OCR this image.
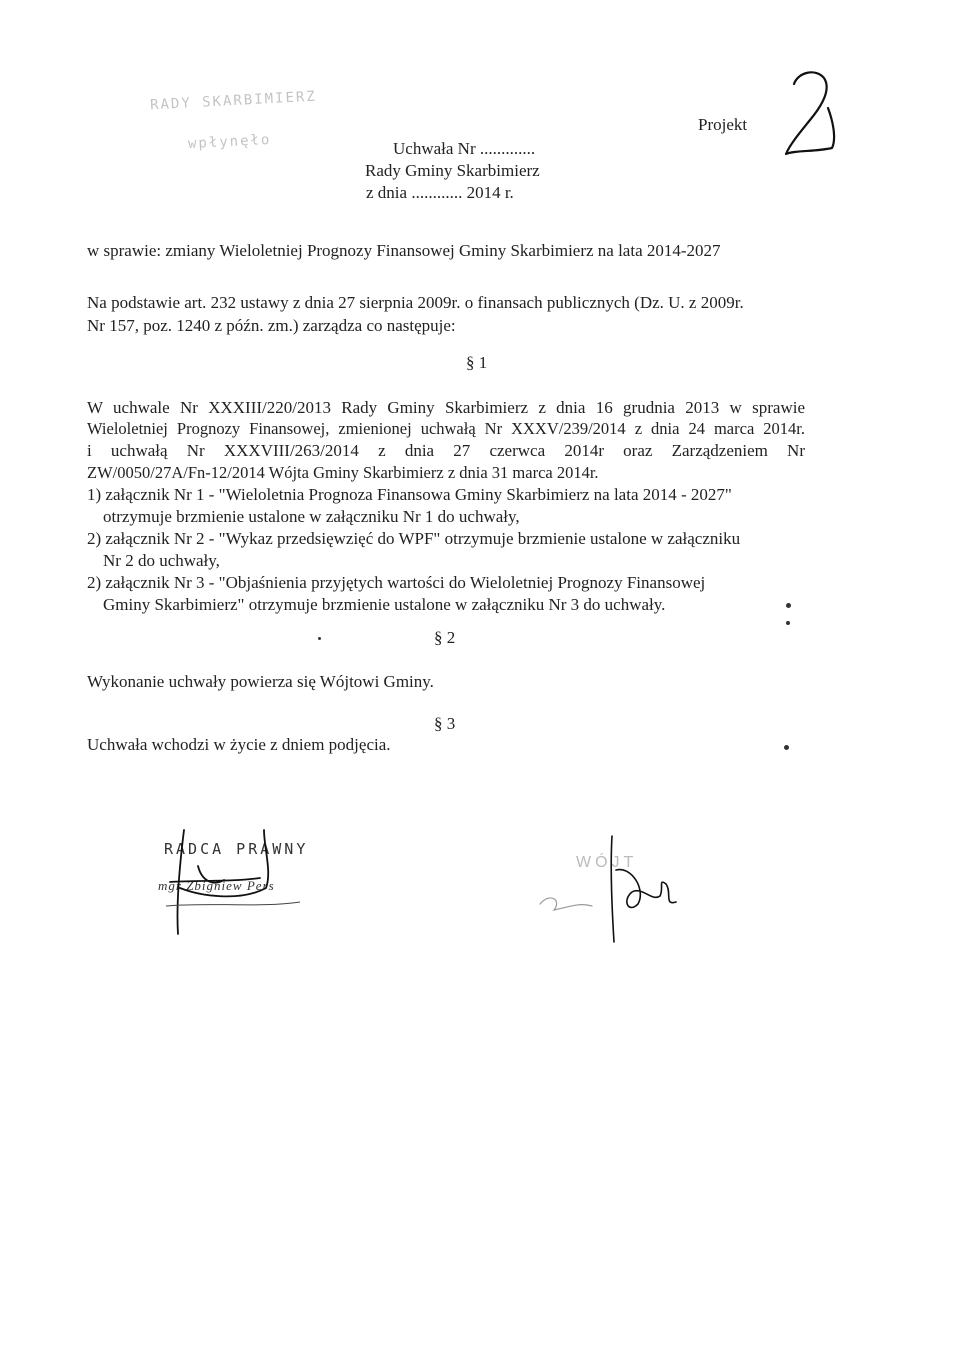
RADY SKARBIMIERZ
wpłynęło	Uchwała Nr .............
Rady Gminy Skarbimierz
z dnia ............ 2014 r.
Projekt	2
w sprawie: zmiany Wieloletniej Prognozy Finansowej Gminy Skarbimierz na lata 2014-2027
Na podstawie art. 232 ustawy z dnia 27 sierpnia 2009r. o finansach publicznych (Dz. U. z 2009r.
Nr 157, poz. 1240 z późn. zm.) zarządza co następuje:
§ 1
W uchwale Nr XXXIII/220/2013 Rady Gminy Skarbimierz z dnia 16 grudnia 2013 w sprawie
Wieloletniej Prognozy Finansowej, zmienionej uchwałą Nr XXXV/239/2014 z dnia 24 marca 2014r.
i uchwałą Nr XXXVIII/263/2014 z dnia 27 czerwca 2014r oraz Zarządzeniem Nr
ZW/0050/27A/Fn-12/2014 Wójta Gminy Skarbimierz z dnia 31 marca 2014r.
1) załącznik Nr 1 - "Wieloletnia Prognoza Finansowa Gminy Skarbimierz na lata 2014 - 2027"
otrzymuje brzmienie ustalone w załączniku Nr 1 do uchwały,
2) załącznik Nr 2 - "Wykaz przedsięwzięć do WPF" otrzymuje brzmienie ustalone w załączniku
Nr 2 do uchwały,
2) załącznik Nr 3 - "Objaśnienia przyjętych wartości do Wieloletniej Prognozy Finansowej
Gminy Skarbimierz" otrzymuje brzmienie ustalone w załączniku Nr 3 do uchwały.
§ 2
Wykonanie uchwały powierza się Wójtowi Gminy.
§ 3
Uchwała wchodzi w życie z dniem podjęcia.
RADCA PRAWNY
mgr Zbigniew Pers
WÓJT
